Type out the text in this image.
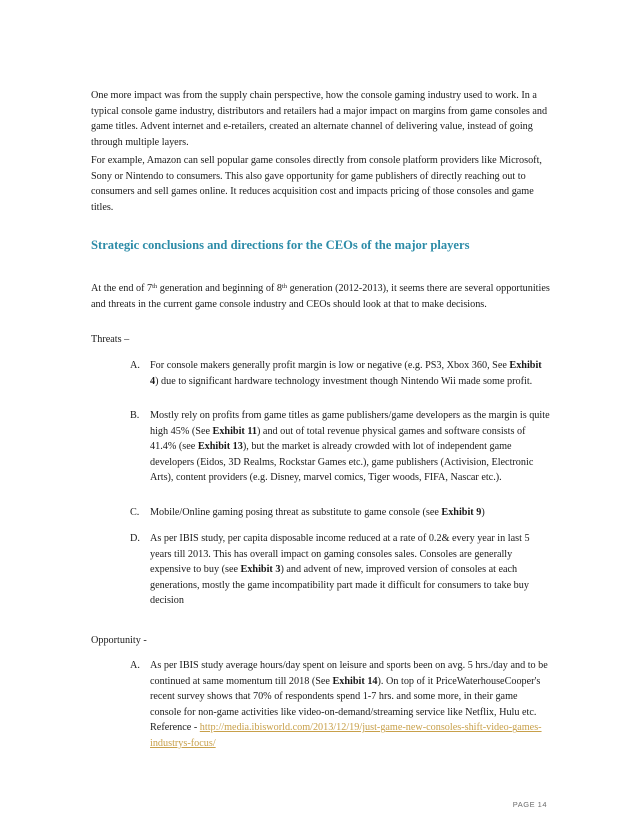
One more impact was from the supply chain perspective, how the console gaming industry used to work. In a typical console game industry, distributors and retailers had a major impact on margins from game consoles and game titles. Advent internet and e-retailers, created an alternate channel of delivering value, instead of going through multiple layers.

For example, Amazon can sell popular game consoles directly from console platform providers like Microsoft, Sony or Nintendo to consumers. This also gave opportunity for game publishers of directly reaching out to consumers and sell games online. It reduces acquisition cost and impacts pricing of those consoles and game titles.

Strategic conclusions and directions for the CEOs of the major players

At the end of 7th generation and beginning of 8th generation (2012-2013), it seems there are several opportunities and threats in the current game console industry and CEOs should look at that to make decisions.

Threats –

A. For console makers generally profit margin is low or negative (e.g. PS3, Xbox 360, See Exhibit 4) due to significant hardware technology investment though Nintendo Wii made some profit.
B.	Mostly rely on profits from game titles as game publishers/game developers as the margin is quite high 45% (See Exhibit 11) and out of total revenue physical games and software consists of 41.4% (see Exhibit 13), but the market is already crowded with lot of independent game developers (Eidos, 3D Realms, Rockstar Games etc.), game publishers (Activision, Electronic Arts), content providers (e.g. Disney, marvel comics, Tiger woods, FIFA, Nascar etc.).
C.	Mobile/Online gaming posing threat as substitute to game console (see Exhibit 9)
D. As per IBIS study, per capita disposable income reduced at a rate of 0.2& every year in last 5 years till 2013. This has overall impact on gaming consoles sales. Consoles are generally expensive to buy (see Exhibit 3) and advent of new, improved version of consoles at each generations, mostly the game incompatibility part made it difficult for consumers to take buy decision

Opportunity -

A. As per IBIS study average hours/day spent on leisure and sports been on avg. 5 hrs./day and to be continued at same momentum till 2018 (See Exhibit 14). On top of it PriceWaterhouseCooper's recent survey shows that 70% of respondents spend 1-7 hrs. and some more, in their game console for non-game activities like video-on-demand/streaming service like Netflix, Hulu etc.
Reference - http://media.ibisworld.com/2013/12/19/just-game-new-consoles-shift-video-games-industrys-focus/
PAGE 14
